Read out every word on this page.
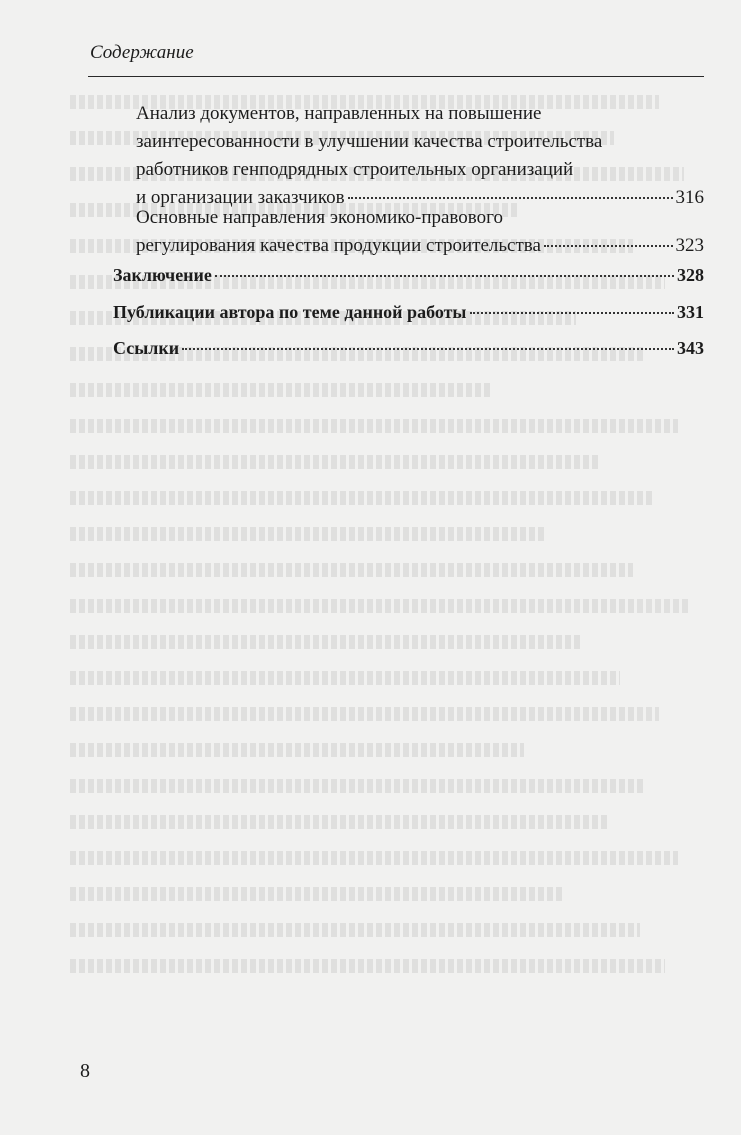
Содержание
Анализ документов, направленных на повышение
заинтересованности в улучшении качества строительства
работников генподрядных строительных организаций
и организации заказчиков	316
Основные направления экономико-правового
регулирования качества продукции строительства	323
Заключение	328
Публикации автора по теме данной работы	331
Ссылки	343
8
